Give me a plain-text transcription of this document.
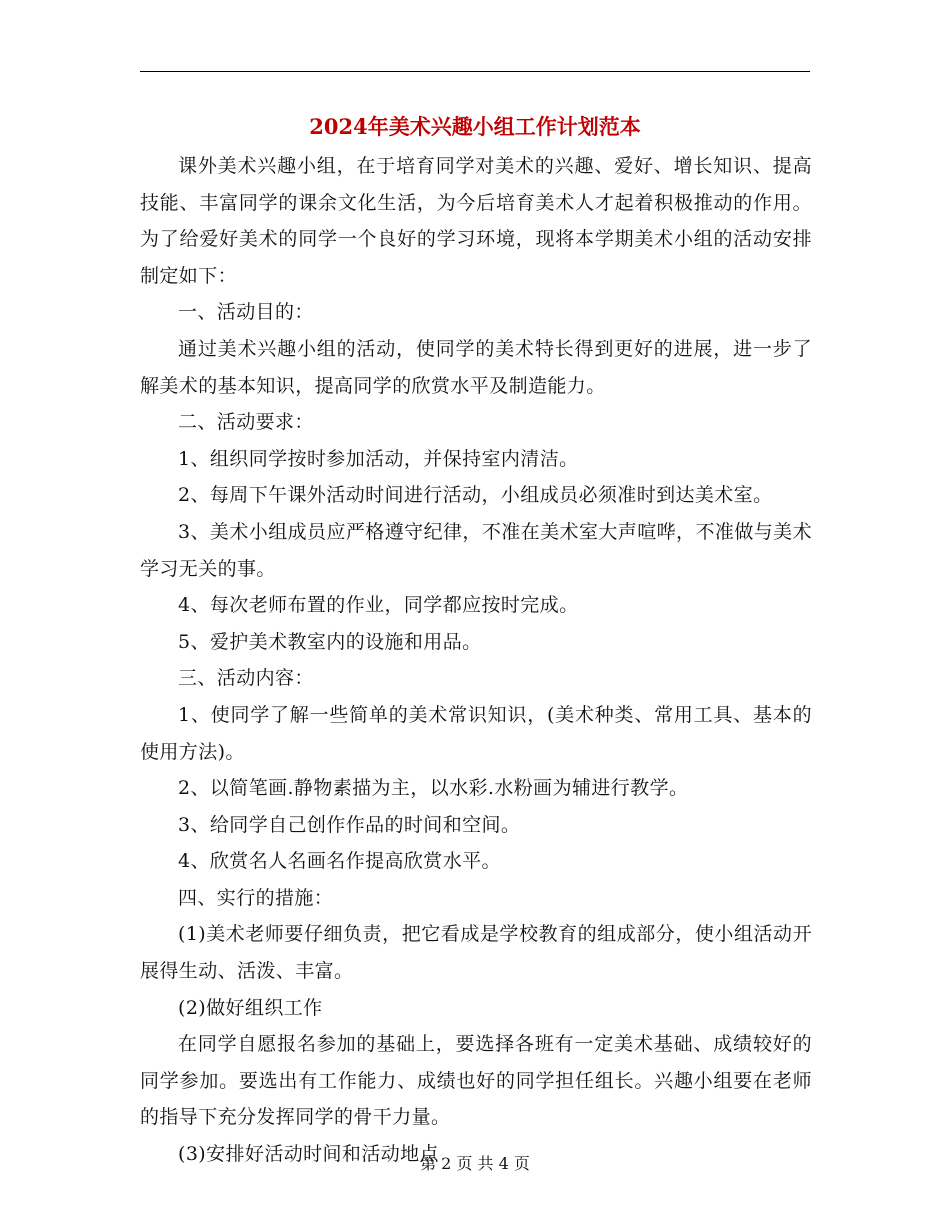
2024年美术兴趣小组工作计划范本

课外美术兴趣小组，在于培育同学对美术的兴趣、爱好、增长知识、提高技能、丰富同学的课余文化生活，为今后培育美术人才起着积极推动的作用。为了给爱好美术的同学一个良好的学习环境，现将本学期美术小组的活动安排制定如下：

一、活动目的：

通过美术兴趣小组的活动，使同学的美术特长得到更好的进展，进一步了解美术的基本知识，提高同学的欣赏水平及制造能力。

二、活动要求：

1、组织同学按时参加活动，并保持室内清洁。

2、每周下午课外活动时间进行活动，小组成员必须准时到达美术室。

3、美术小组成员应严格遵守纪律，不准在美术室大声喧哗，不准做与美术学习无关的事。

4、每次老师布置的作业，同学都应按时完成。

5、爱护美术教室内的设施和用品。

三、活动内容：

1、使同学了解一些简单的美术常识知识，(美术种类、常用工具、基本的使用方法)。

2、以简笔画.静物素描为主，以水彩.水粉画为辅进行教学。

3、给同学自己创作作品的时间和空间。

4、欣赏名人名画名作提高欣赏水平。

四、实行的措施：

(1)美术老师要仔细负责，把它看成是学校教育的组成部分，使小组活动开展得生动、活泼、丰富。

(2)做好组织工作

在同学自愿报名参加的基础上，要选择各班有一定美术基础、成绩较好的同学参加。要选出有工作能力、成绩也好的同学担任组长。兴趣小组要在老师的指导下充分发挥同学的骨干力量。

(3)安排好活动时间和活动地点

第 2 页 共 4 页
